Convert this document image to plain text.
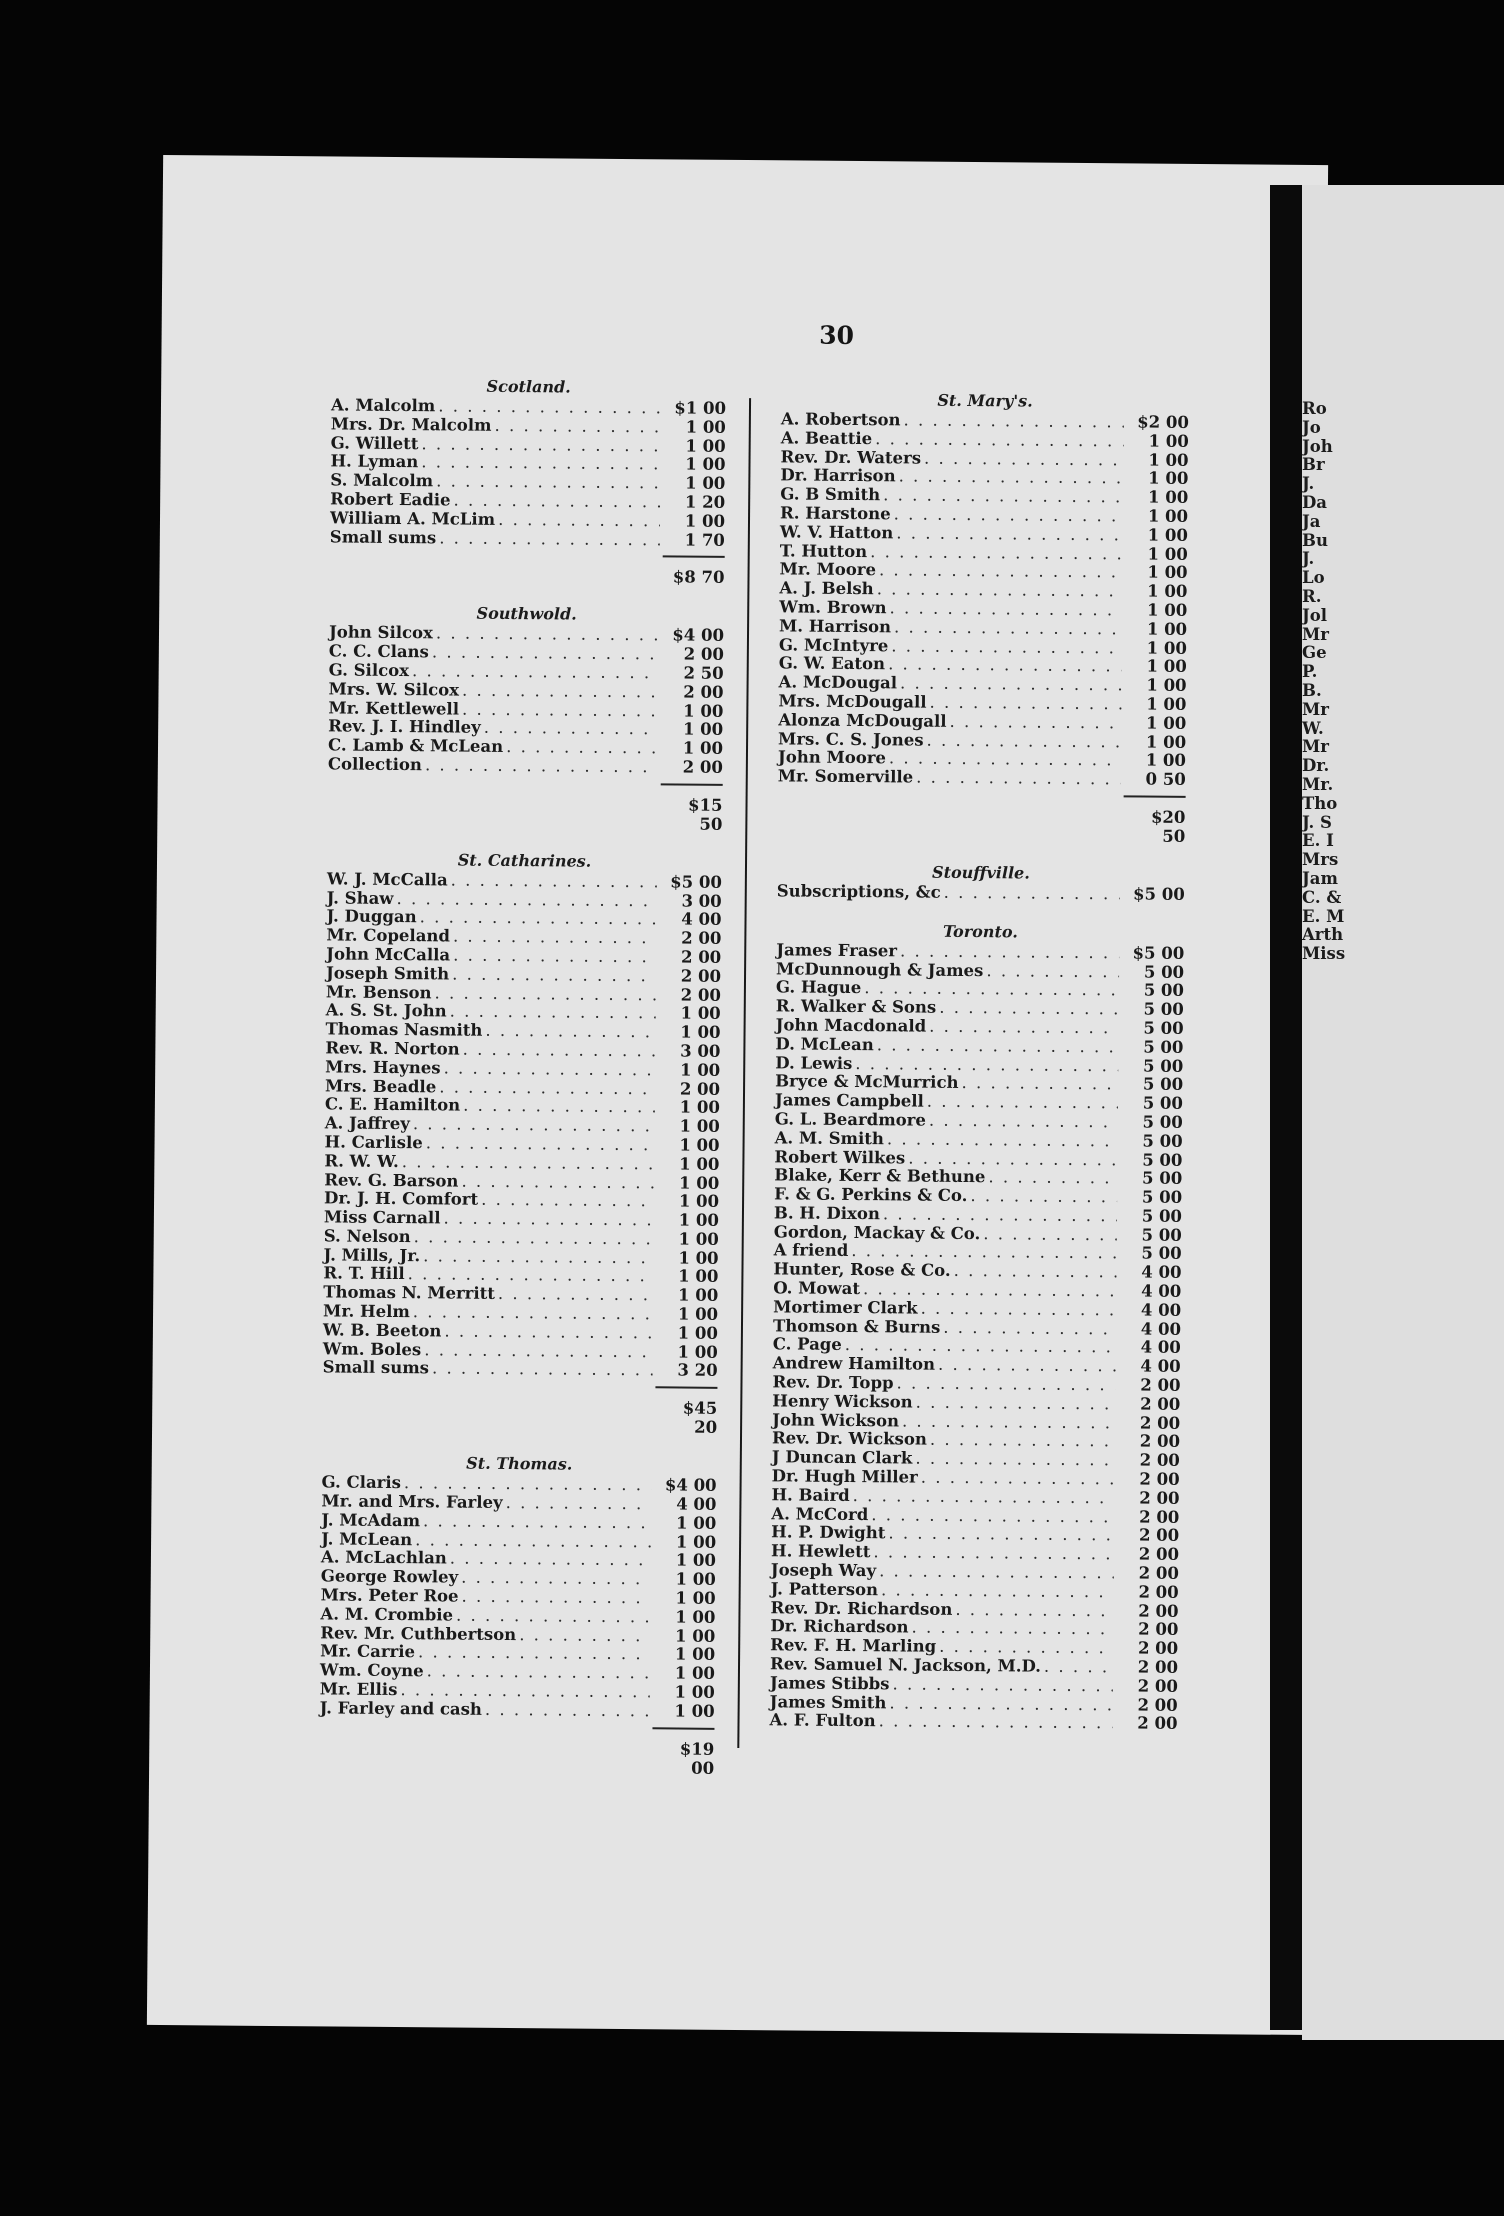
30
Scotland.
A. Malcolm . . .	$1 00
Mrs. Dr. Malcolm . . .	1 00
G. Willett . . .	1 00
H. Lyman . . .	1 00
S. Malcolm . . .	1 00
Robert Eadie . . .	1 20
William A. McLim . . .	1 00
Small sums . . .	1 70
$8 70
Southwold.
John Silcox . . .	$4 00
C. C. Clans . . .	2 00
G. Silcox . . .	2 50
Mrs. W. Silcox . . .	2 00
Mr. Kettlewell . . .	1 00
Rev. J. I. Hindley . . .	1 00
C. Lamb & McLean . . .	1 00
Collection . . .	2 00
$15 50
St. Catharines.
W. J. McCalla . . .	$5 00
J. Shaw . . .	3 00
J. Duggan . . .	4 00
Mr. Copeland . . .	2 00
John McCalla . . .	2 00
Joseph Smith . . .	2 00
Mr. Benson . . .	2 00
A. S. St. John . . .	1 00
Thomas Nasmith . . .	1 00
Rev. R. Norton . . .	3 00
Mrs. Haynes . . .	1 00
Mrs. Beadle . . .	2 00
C. E. Hamilton . . .	1 00
A. Jaffrey . . .	1 00
H. Carlisle . . .	1 00
R. W. W. . . .	1 00
Rev. G. Barson . . .	1 00
Dr. J. H. Comfort . . .	1 00
Miss Carnall . . .	1 00
S. Nelson . . .	1 00
J. Mills, Jr. . . .	1 00
R. T. Hill . . .	1 00
Thomas N. Merritt . . .	1 00
Mr. Helm . . .	1 00
W. B. Beeton . . .	1 00
Wm. Boles . . .	1 00
Small sums . . .	3 20
$45 20
St. Thomas.
G. Claris . . .	$4 00
Mr. and Mrs. Farley . . .	4 00
J. McAdam . . .	1 00
J. McLean . . .	1 00
A. McLachlan . . .	1 00
George Rowley . . .	1 00
Mrs. Peter Roe . . .	1 00
A. M. Crombie . . .	1 00
Rev. Mr. Cuthbertson . . .	1 00
Mr. Carrie . . .	1 00
Wm. Coyne . . .	1 00
Mr. Ellis . . .	1 00
J. Farley and cash . . .	1 00
$19 00
St. Mary's.
A. Robertson . . .	$2 00
A. Beattie . . .	1 00
Rev. Dr. Waters . . .	1 00
Dr. Harrison . . .	1 00
G. B Smith . . .	1 00
R. Harstone . . .	1 00
W. V. Hatton . . .	1 00
T. Hutton . . .	1 00
Mr. Moore . . .	1 00
A. J. Belsh . . .	1 00
Wm. Brown . . .	1 00
M. Harrison . . .	1 00
G. McIntyre . . .	1 00
G. W. Eaton . . .	1 00
A. McDougal . . .	1 00
Mrs. McDougall . . .	1 00
Alonza McDougall . . .	1 00
Mrs. C. S. Jones . . .	1 00
John Moore . . .	1 00
Mr. Somerville . . .	0 50
$20 50
Stouffville.
Subscriptions, &c . . .	$5 00
Toronto.
James Fraser . . .	$5 00
McDunnough & James . . .	5 00
G. Hague . . .	5 00
R. Walker & Sons . . .	5 00
John Macdonald . . .	5 00
D. McLean . . .	5 00
D. Lewis . . .	5 00
Bryce & McMurrich . . .	5 00
James Campbell . . .	5 00
G. L. Beardmore . . .	5 00
A. M. Smith . . .	5 00
Robert Wilkes . . .	5 00
Blake, Kerr & Bethune . . .	5 00
F. & G. Perkins & Co. . . .	5 00
B. H. Dixon . . .	5 00
Gordon, Mackay & Co. . . .	5 00
A friend . . .	5 00
Hunter, Rose & Co. . . .	4 00
O. Mowat . . .	4 00
Mortimer Clark . . .	4 00
Thomson & Burns . . .	4 00
C. Page . . .	4 00
Andrew Hamilton . . .	4 00
Rev. Dr. Topp . . .	2 00
Henry Wickson . . .	2 00
John Wickson . . .	2 00
Rev. Dr. Wickson . . .	2 00
J Duncan Clark . . .	2 00
Dr. Hugh Miller . . .	2 00
H. Baird . . .	2 00
A. McCord . . .	2 00
H. P. Dwight . . .	2 00
H. Hewlett . . .	2 00
Joseph Way . . .	2 00
J. Patterson . . .	2 00
Rev. Dr. Richardson . . .	2 00
Dr. Richardson . . .	2 00
Rev. F. H. Marling . . .	2 00
Rev. Samuel N. Jackson, M.D. . . .	2 00
James Stibbs . . .	2 00
James Smith . . .	2 00
A. F. Fulton . . .	2 00
Ro
Jo
Joh
Br
J.
Da
Ja
Bu
J.
Lo
R.
Jol
Mr
Ge
P.
B.
Mr
W.
Mr
Dr.
Mr.
Tho
J. S
E. I
Mrs
Jam
C. &
E. M
Arth
Miss
